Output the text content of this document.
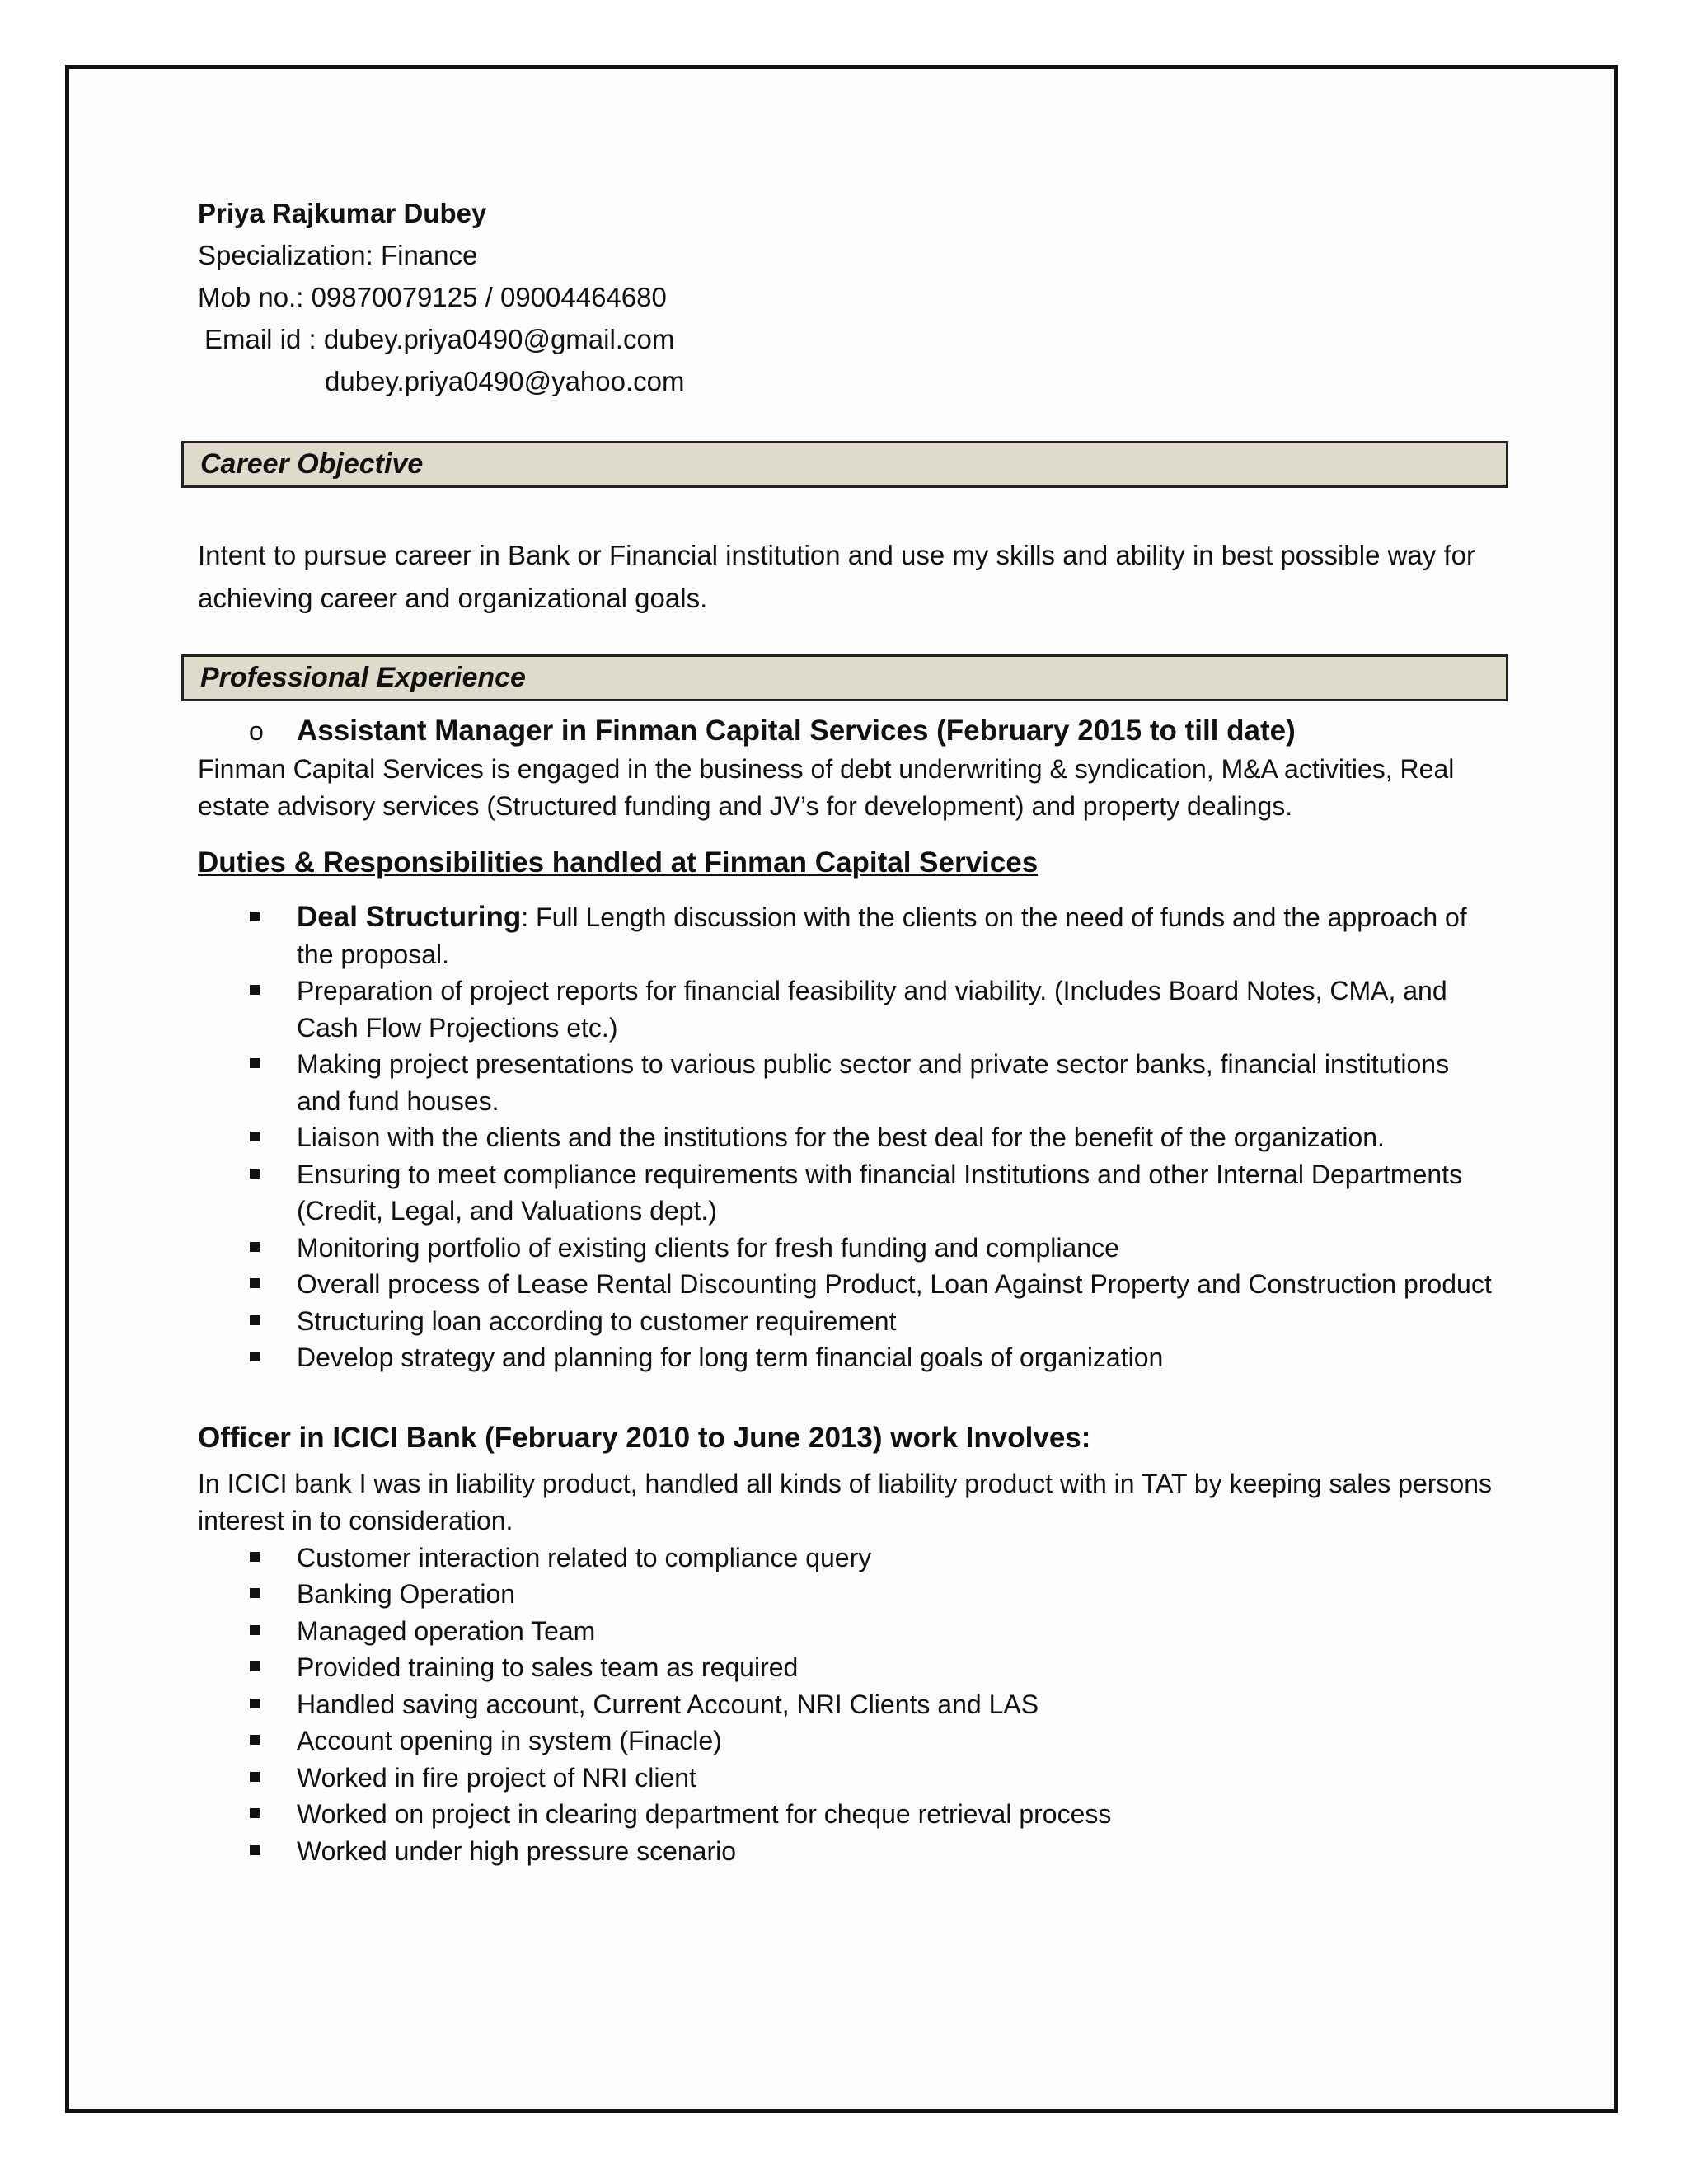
Priya Rajkumar Dubey
Specialization: Finance
Mob no.: 09870079125 / 09004464680
Email id : dubey.priya0490@gmail.com
dubey.priya0490@yahoo.com
Career Objective
Intent to pursue career in Bank or Financial institution and use my skills and ability in best possible way for achieving career and organizational goals.
Professional Experience
o Assistant Manager in Finman Capital Services (February 2015 to till date)
Finman Capital Services is engaged in the business of debt underwriting & syndication, M&A activities, Real estate advisory services (Structured funding and JV’s for development) and property dealings.
Duties & Responsibilities handled at Finman Capital Services
Deal Structuring: Full Length discussion with the clients on the need of funds and the approach of the proposal.
Preparation of project reports for financial feasibility and viability. (Includes Board Notes, CMA, and Cash Flow Projections etc.)
Making project presentations to various public sector and private sector banks, financial institutions and fund houses.
Liaison with the clients and the institutions for the best deal for the benefit of the organization.
Ensuring to meet compliance requirements with financial Institutions and other Internal Departments (Credit, Legal, and Valuations dept.)
Monitoring portfolio of existing clients for fresh funding and compliance
Overall process of Lease Rental Discounting Product, Loan Against Property and Construction product
Structuring loan according to customer requirement
Develop strategy and planning for long term financial goals of organization
Officer in ICICI Bank (February 2010 to June 2013) work Involves:
In ICICI bank I was in liability product, handled all kinds of liability product with in TAT by keeping sales persons interest in to consideration.
Customer interaction related to compliance query
Banking Operation
Managed operation Team
Provided training to sales team as required
Handled saving account, Current Account, NRI Clients and LAS
Account opening in system (Finacle)
Worked in fire project of NRI client
Worked on project in clearing department for cheque retrieval process
Worked under high pressure scenario
